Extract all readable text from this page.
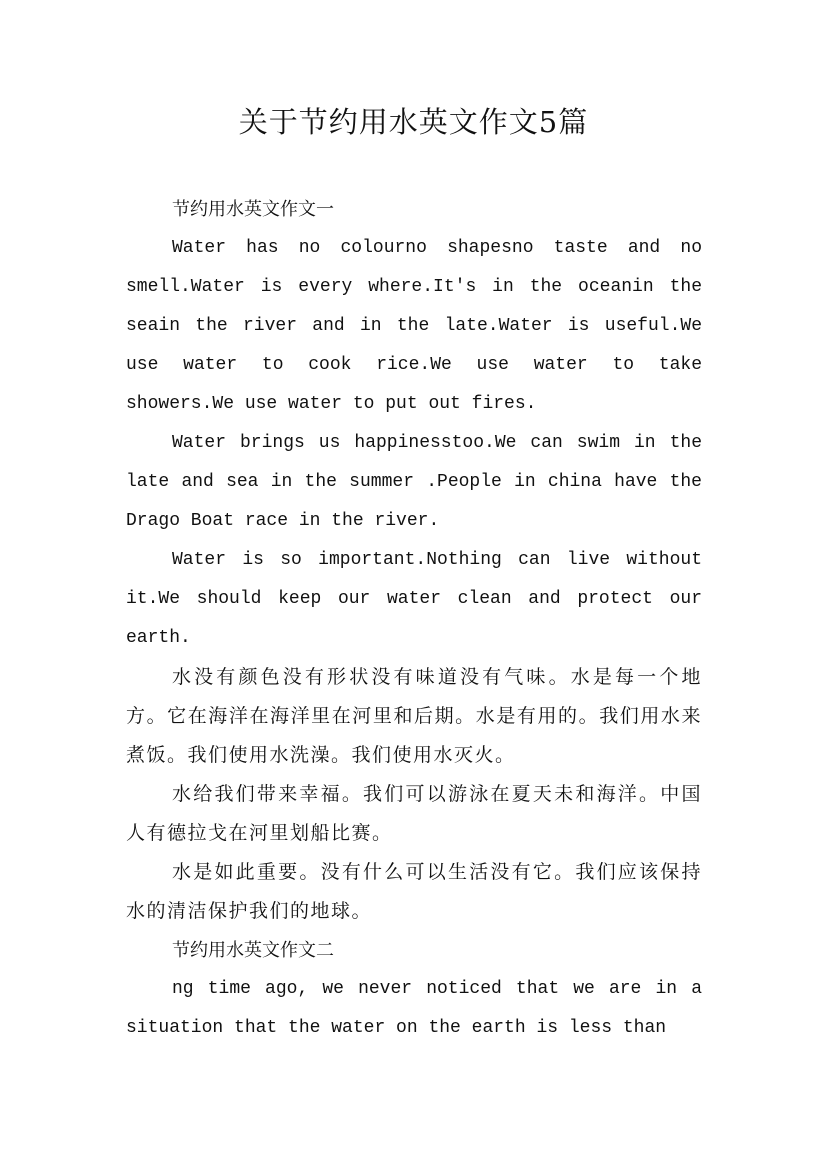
关于节约用水英文作文5篇

节约用水英文作文一

Water has no colourno shapesno taste and no smell.Water is every where.It's in the oceanin the seain the river and in the late.Water is useful.We use water to cook rice.We use water to take showers.We use water to put out fires.

Water brings us happinesstoo.We can swim in the late and sea in the summer .People in china have the Drago Boat race in the river.

Water is so important.Nothing can live without it.We should keep our water clean and protect our earth.

水没有颜色没有形状没有味道没有气味。水是每一个地方。它在海洋在海洋里在河里和后期。水是有用的。我们用水来煮饭。我们使用水洗澡。我们使用水灭火。

水给我们带来幸福。我们可以游泳在夏天未和海洋。中国人有德拉戈在河里划船比赛。

水是如此重要。没有什么可以生活没有它。我们应该保持水的清洁保护我们的地球。

节约用水英文作文二

ng time ago, we never noticed that we are in a situation that the water on the earth is less than
